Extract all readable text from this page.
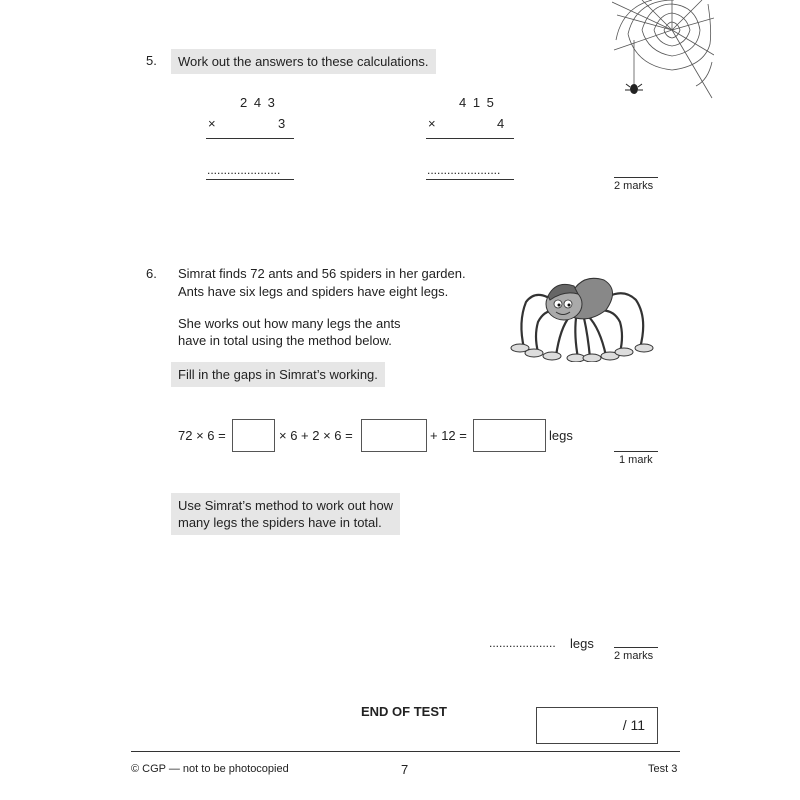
5.	Work out the answers to these calculations.
2 4 3
×	3
......................
4 1 5
×	4
......................
2 marks
6. Simrat finds 72 ants and 56 spiders in her garden.
Ants have six legs and spiders have eight legs.
She works out how many legs the ants
have in total using the method below.
Fill in the gaps in Simrat’s working.
72 × 6 =	× 6 + 2 × 6 =	+ 12 =	legs
1 mark
Use Simrat’s method to work out how
many legs the spiders have in total.
.................... legs
2 marks
END OF TEST
/ 11
© CGP — not to be photocopied	7	Test 3
